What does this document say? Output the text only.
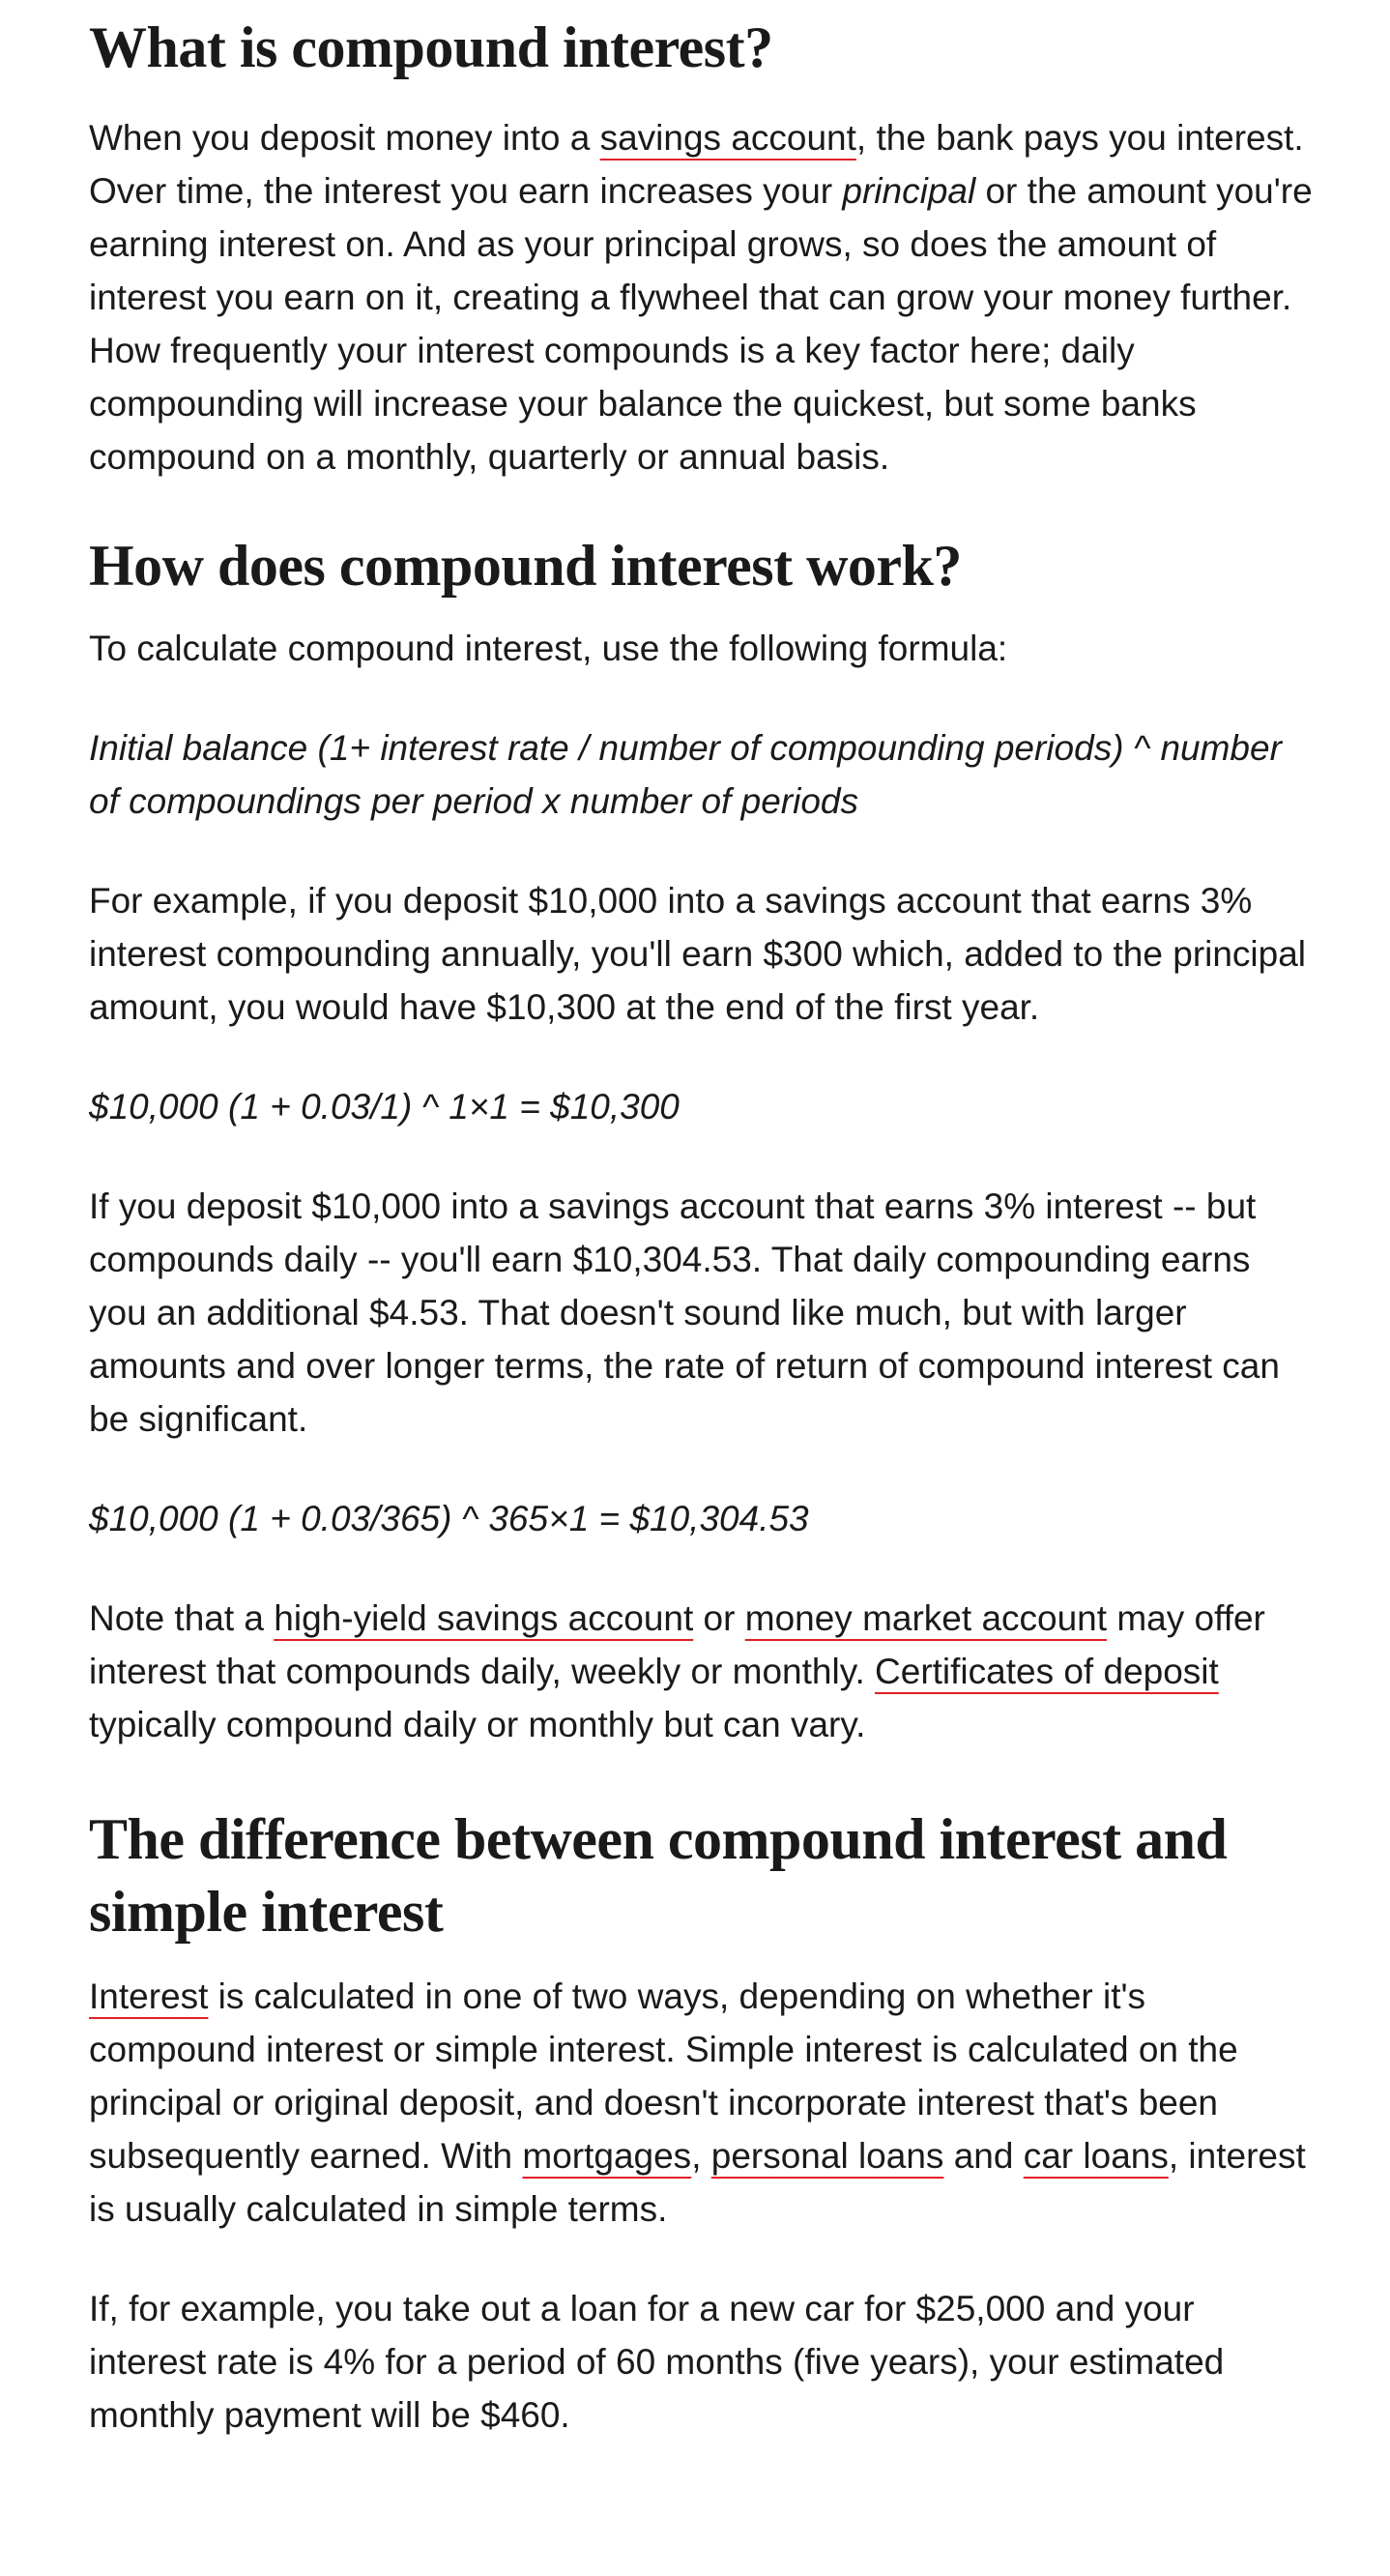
What is compound interest?

When you deposit money into a savings account, the bank pays you interest. Over time, the interest you earn increases your principal or the amount you're earning interest on. And as your principal grows, so does the amount of interest you earn on it, creating a flywheel that can grow your money further. How frequently your interest compounds is a key factor here; daily compounding will increase your balance the quickest, but some banks compound on a monthly, quarterly or annual basis.

How does compound interest work?

To calculate compound interest, use the following formula:

Initial balance (1+ interest rate / number of compounding periods) ^ number of compoundings per period x number of periods

For example, if you deposit $10,000 into a savings account that earns 3% interest compounding annually, you'll earn $300 which, added to the principal amount, you would have $10,300 at the end of the first year.

$10,000 (1 + 0.03/1) ^ 1×1 = $10,300

If you deposit $10,000 into a savings account that earns 3% interest -- but compounds daily -- you'll earn $10,304.53. That daily compounding earns you an additional $4.53. That doesn't sound like much, but with larger amounts and over longer terms, the rate of return of compound interest can be significant.

$10,000 (1 + 0.03/365) ^ 365×1 = $10,304.53

Note that a high-yield savings account or money market account may offer interest that compounds daily, weekly or monthly. Certificates of deposit typically compound daily or monthly but can vary.

The difference between compound interest and simple interest

Interest is calculated in one of two ways, depending on whether it's compound interest or simple interest. Simple interest is calculated on the principal or original deposit, and doesn't incorporate interest that's been subsequently earned. With mortgages, personal loans and car loans, interest is usually calculated in simple terms.

If, for example, you take out a loan for a new car for $25,000 and your interest rate is 4% for a period of 60 months (five years), your estimated monthly payment will be $460.
